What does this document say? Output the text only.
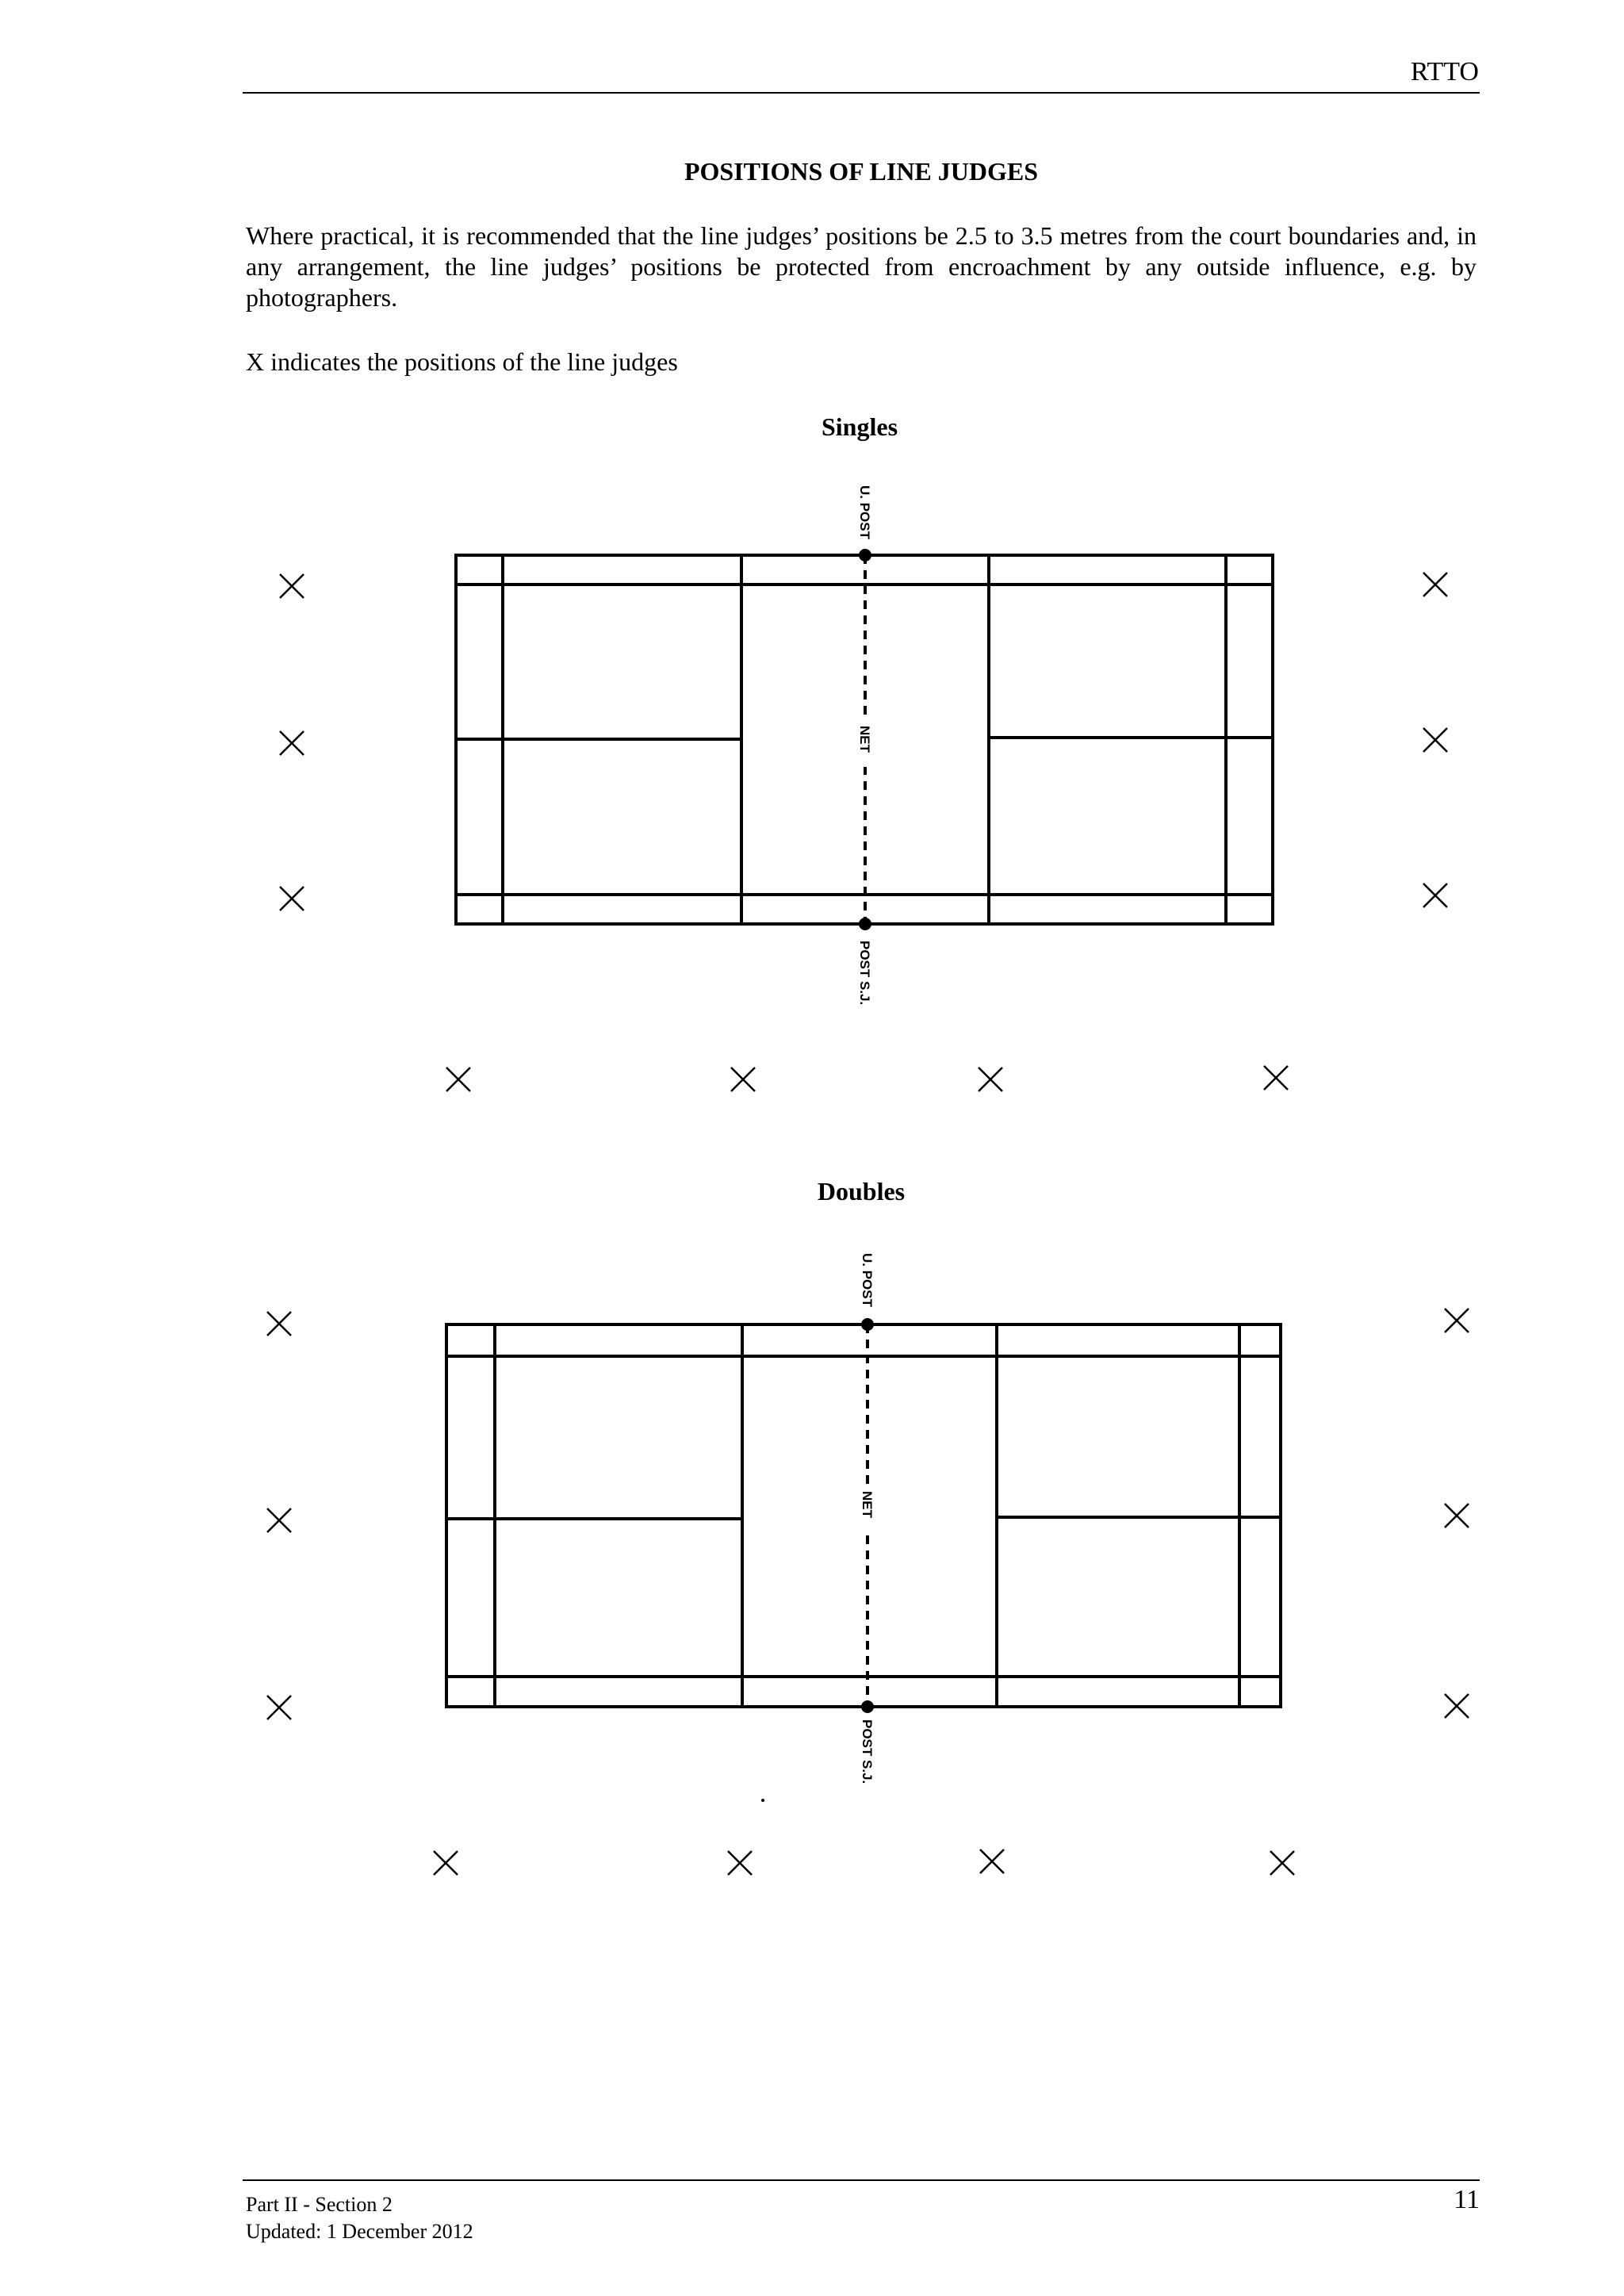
RTTO
POSITIONS OF LINE JUDGES
Where practical, it is recommended that the line judges’ positions be 2.5 to 3.5 metres from the court boundaries and, in any arrangement, the line judges’ positions be protected from encroachment by any outside influence, e.g. by photographers.
X indicates the positions of the line judges
Singles
U. POST
NET
POST S.J.
Doubles
U. POST
NET
POST S.J.
Part II - Section 2
Updated: 1 December 2012
11
